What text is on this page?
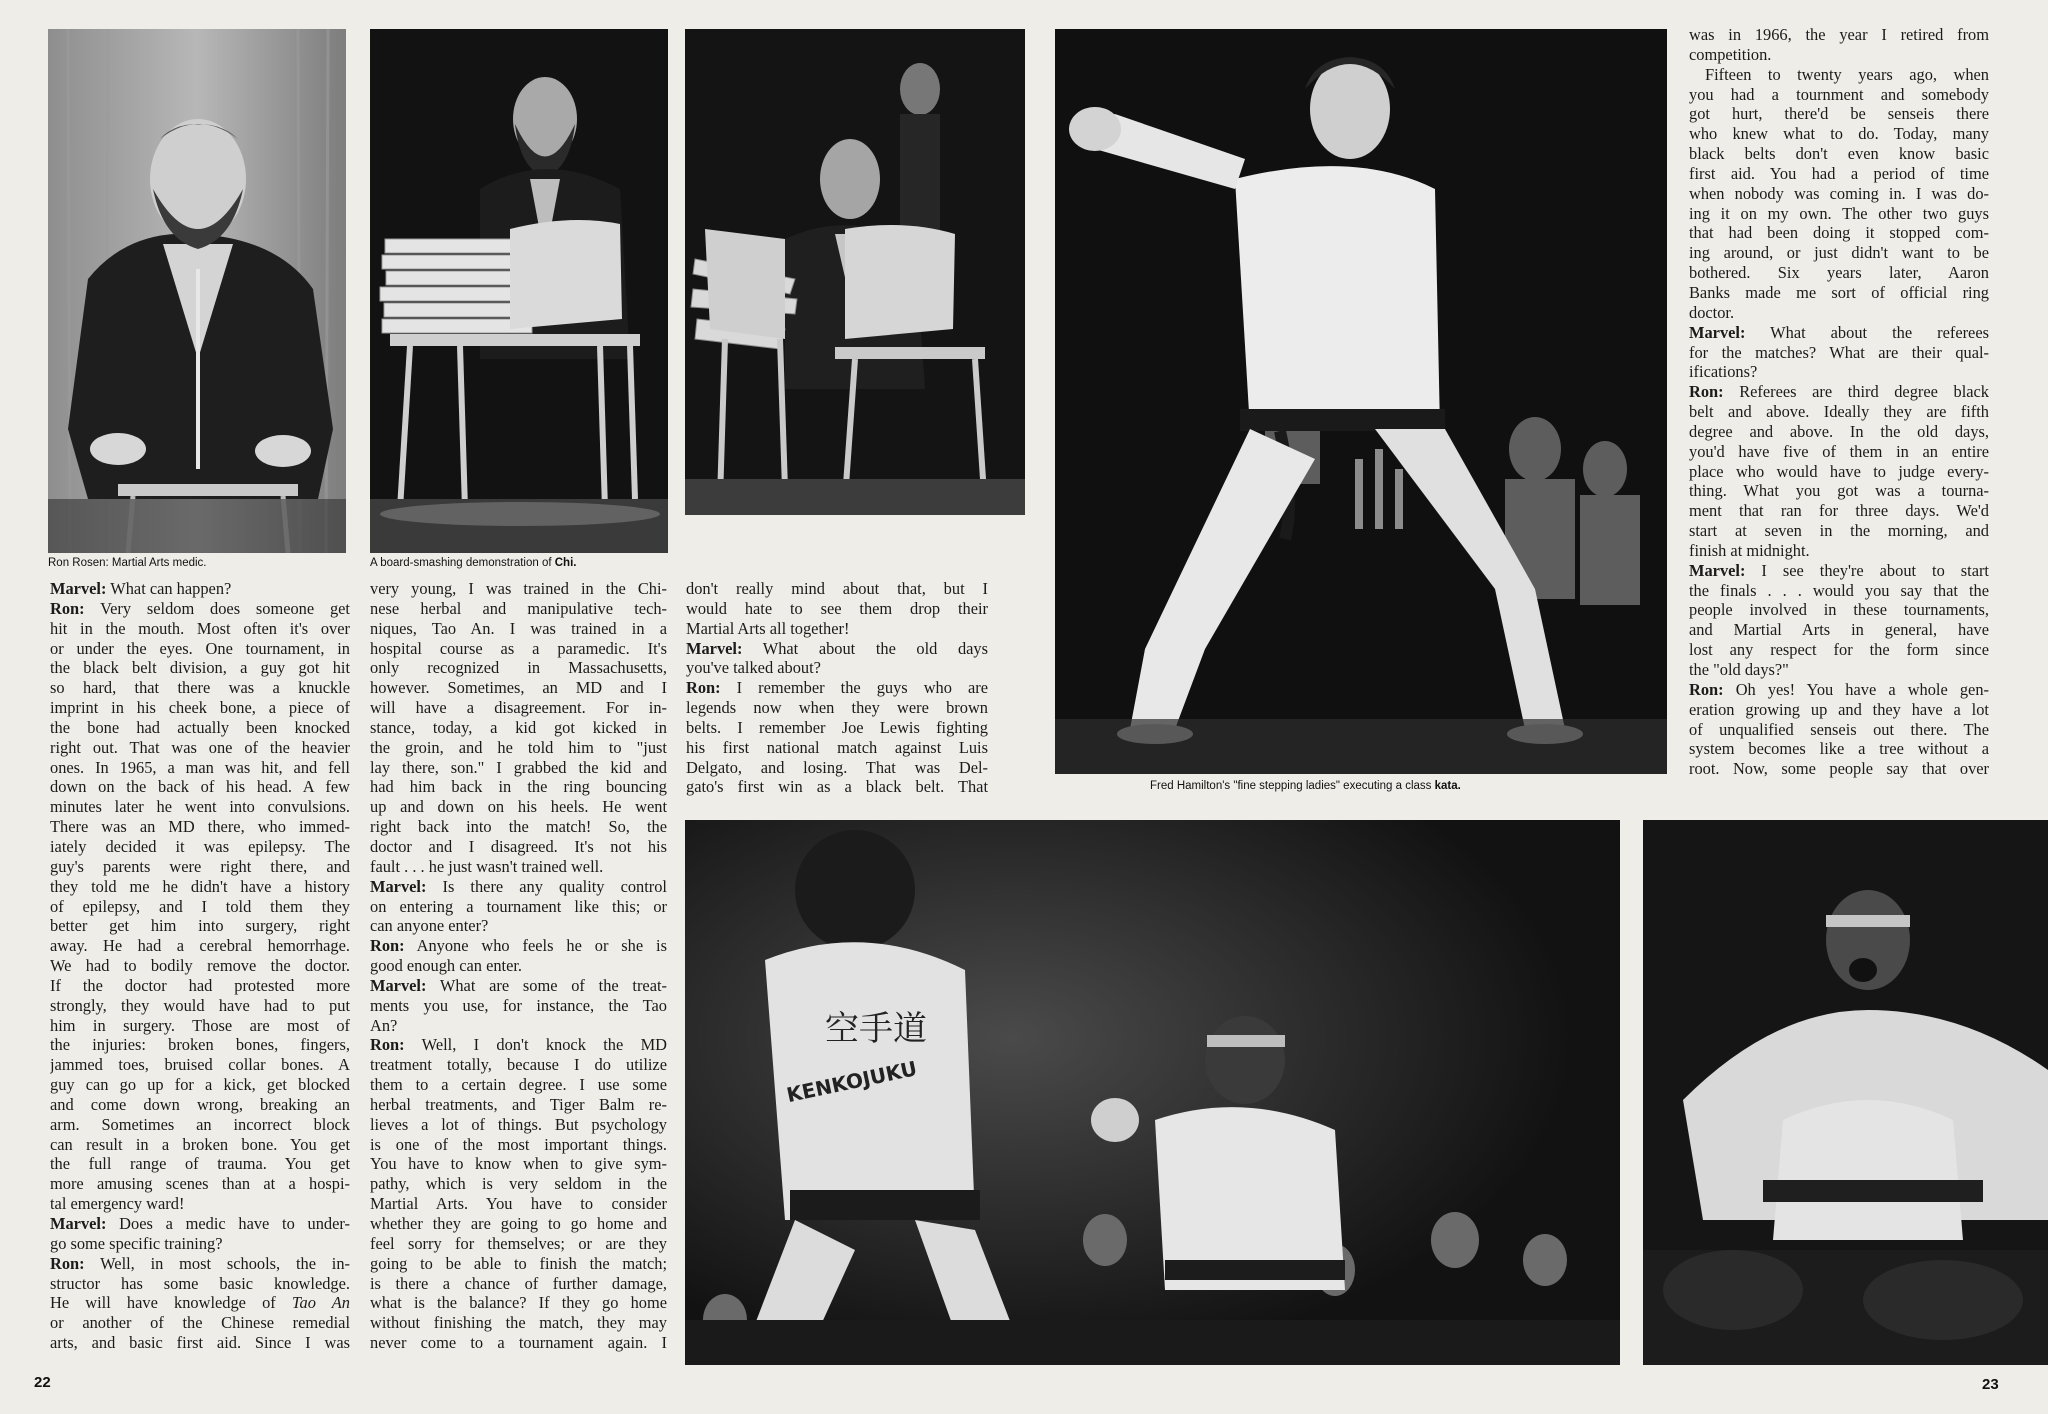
Ron Rosen: Martial Arts medic.	A board-smashing demonstration of Chi.
Fred Hamilton's "fine stepping ladies" executing a class kata.
空手道
KENKOJUKU
Marvel: What can happen?
Ron: Very seldom does someone get
hit in the mouth. Most often it's over
or under the eyes. One tournament, in
the black belt division, a guy got hit
so hard, that there was a knuckle
imprint in his cheek bone, a piece of
the bone had actually been knocked
right out. That was one of the heavier
ones. In 1965, a man was hit, and fell
down on the back of his head. A few
minutes later he went into convulsions.
There was an MD there, who immed-
iately decided it was epilepsy. The
guy's parents were right there, and
they told me he didn't have a history
of epilepsy, and I told them they
better get him into surgery, right
away. He had a cerebral hemorrhage.
We had to bodily remove the doctor.
If the doctor had protested more
strongly, they would have had to put
him in surgery. Those are most of
the injuries: broken bones, fingers,
jammed toes, bruised collar bones. A
guy can go up for a kick, get blocked
and come down wrong, breaking an
arm. Sometimes an incorrect block
can result in a broken bone. You get
the full range of trauma. You get
more amusing scenes than at a hospi-
tal emergency ward!
Marvel: Does a medic have to under-
go some specific training?
Ron: Well, in most schools, the in-
structor has some basic knowledge.
He will have knowledge of Tao An
or another of the Chinese remedial
arts, and basic first aid. Since I was
very young, I was trained in the Chi-
nese herbal and manipulative tech-
niques, Tao An. I was trained in a
hospital course as a paramedic. It's
only recognized in Massachusetts,
however. Sometimes, an MD and I
will have a disagreement. For in-
stance, today, a kid got kicked in
the groin, and he told him to "just
lay there, son." I grabbed the kid and
had him back in the ring bouncing
up and down on his heels. He went
right back into the match! So, the
doctor and I disagreed. It's not his
fault . . . he just wasn't trained well.
Marvel: Is there any quality control
on entering a tournament like this; or
can anyone enter?
Ron: Anyone who feels he or she is
good enough can enter.
Marvel: What are some of the treat-
ments you use, for instance, the Tao
An?
Ron: Well, I don't knock the MD
treatment totally, because I do utilize
them to a certain degree. I use some
herbal treatments, and Tiger Balm re-
lieves a lot of things. But psychology
is one of the most important things.
You have to know when to give sym-
pathy, which is very seldom in the
Martial Arts. You have to consider
whether they are going to go home and
feel sorry for themselves; or are they
going to be able to finish the match;
is there a chance of further damage,
what is the balance? If they go home
without finishing the match, they may
never come to a tournament again. I
don't really mind about that, but I
would hate to see them drop their
Martial Arts all together!
Marvel: What about the old days
you've talked about?
Ron: I remember the guys who are
legends now when they were brown
belts. I remember Joe Lewis fighting
his first national match against Luis
Delgato, and losing. That was Del-
gato's first win as a black belt. That
was in 1966, the year I retired from
competition.
Fifteen to twenty years ago, when
you had a tournment and somebody
got hurt, there'd be senseis there
who knew what to do. Today, many
black belts don't even know basic
first aid. You had a period of time
when nobody was coming in. I was do-
ing it on my own. The other two guys
that had been doing it stopped com-
ing around, or just didn't want to be
bothered. Six years later, Aaron
Banks made me sort of official ring
doctor.
Marvel: What about the referees
for the matches? What are their qual-
ifications?
Ron: Referees are third degree black
belt and above. Ideally they are fifth
degree and above. In the old days,
you'd have five of them in an entire
place who would have to judge every-
thing. What you got was a tourna-
ment that ran for three days. We'd
start at seven in the morning, and
finish at midnight.
Marvel: I see they're about to start
the finals . . . would you say that the
people involved in these tournaments,
and Martial Arts in general, have
lost any respect for the form since
the "old days?"
Ron: Oh yes! You have a whole gen-
eration growing up and they have a lot
of unqualified senseis out there. The
system becomes like a tree without a
root. Now, some people say that over
22	23
